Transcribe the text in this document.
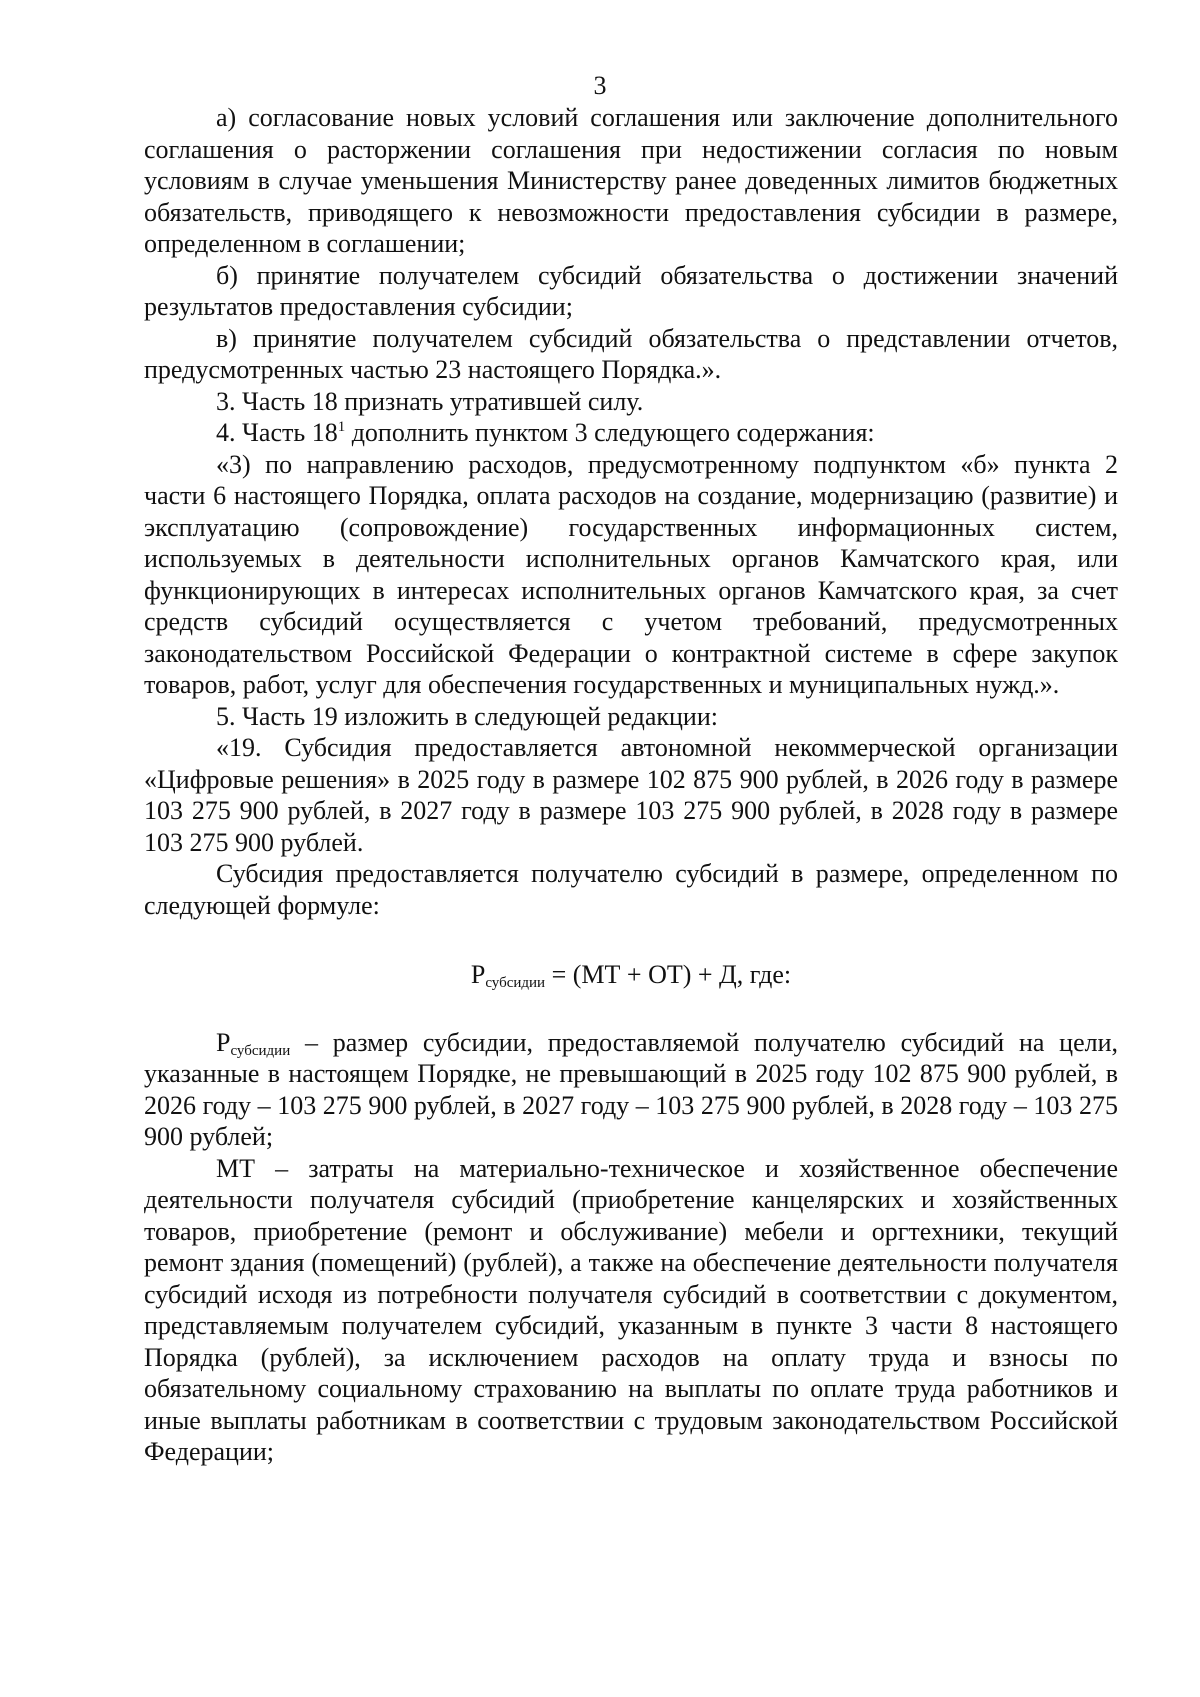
3

а) согласование новых условий соглашения или заключение дополнительного соглашения о расторжении соглашения при недостижении согласия по новым условиям в случае уменьшения Министерству ранее доведенных лимитов бюджетных обязательств, приводящего к невозможности предоставления субсидии в размере, определенном в соглашении;

б) принятие получателем субсидий обязательства о достижении значений результатов предоставления субсидии;

в) принятие получателем субсидий обязательства о представлении отчетов, предусмотренных частью 23 настоящего Порядка.».

3. Часть 18 признать утратившей силу.

4. Часть $18^1$ дополнить пунктом 3 следующего содержания:

«3) по направлению расходов, предусмотренному подпунктом «б» пункта 2 части 6 настоящего Порядка, оплата расходов на создание, модернизацию (развитие) и эксплуатацию (сопровождение) государственных информационных систем, используемых в деятельности исполнительных органов Камчатского края, или функционирующих в интересах исполнительных органов Камчатского края, за счет средств субсидий осуществляется с учетом требований, предусмотренных законодательством Российской Федерации о контрактной системе в сфере закупок товаров, работ, услуг для обеспечения государственных и муниципальных нужд.».

5. Часть 19 изложить в следующей редакции:

«19. Субсидия предоставляется автономной некоммерческой организации «Цифровые решения» в 2025 году в размере 102 875 900 рублей, в 2026 году в размере 103 275 900 рублей, в 2027 году в размере 103 275 900 рублей, в 2028 году в размере 103 275 900 рублей.

Субсидия предоставляется получателю субсидий в размере, определенном по следующей формуле:

$Р_{субсидии} = (МТ + ОТ) + Д$, где:

$Р_{субсидии}$ – размер субсидии, предоставляемой получателю субсидий на цели, указанные в настоящем Порядке, не превышающий в 2025 году 102 875 900 рублей, в 2026 году – 103 275 900 рублей, в 2027 году – 103 275 900 рублей, в 2028 году – 103 275 900 рублей;

МТ – затраты на материально-техническое и хозяйственное обеспечение деятельности получателя субсидий (приобретение канцелярских и хозяйственных товаров, приобретение (ремонт и обслуживание) мебели и оргтехники, текущий ремонт здания (помещений) (рублей), а также на обеспечение деятельности получателя субсидий исходя из потребности получателя субсидий в соответствии с документом, представляемым получателем субсидий, указанным в пункте 3 части 8 настоящего Порядка (рублей), за исключением расходов на оплату труда и взносы по обязательному социальному страхованию на выплаты по оплате труда работников и иные выплаты работникам в соответствии с трудовым законодательством Российской Федерации;
